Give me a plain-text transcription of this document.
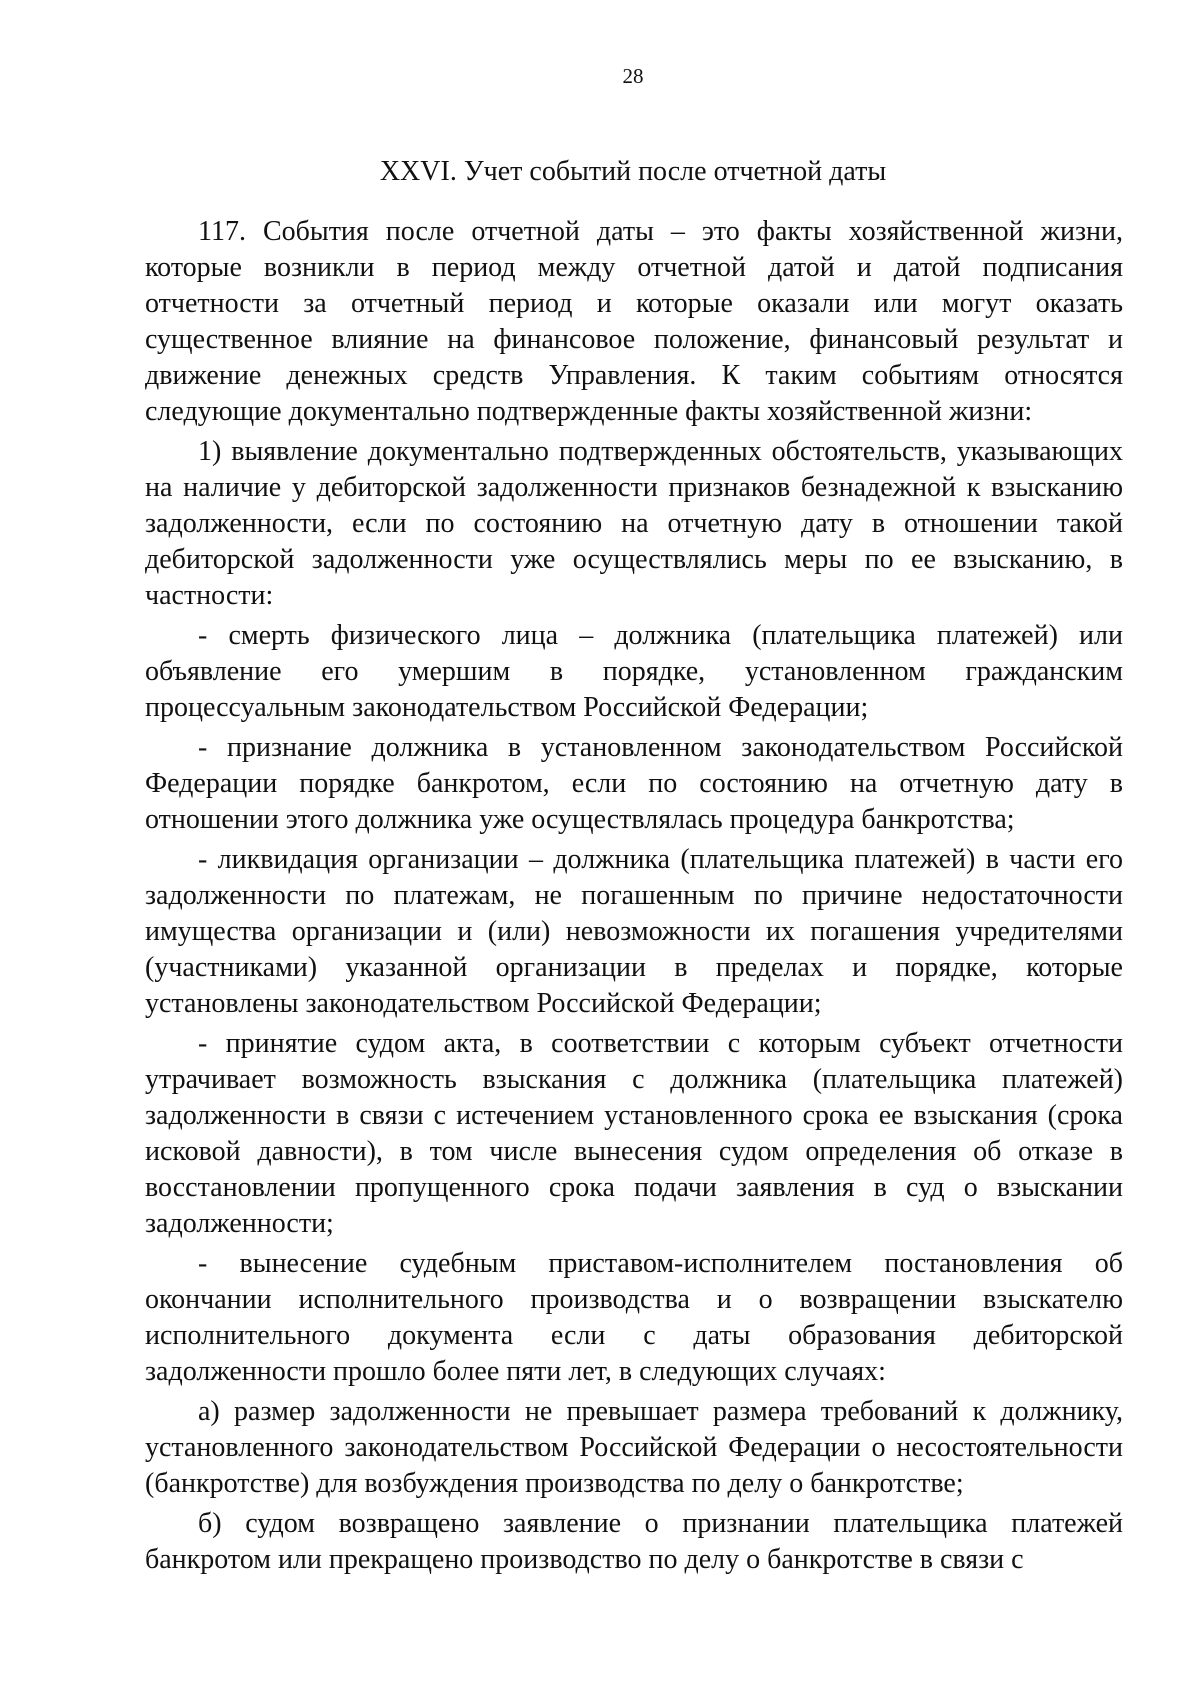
28
XXVI. Учет событий после отчетной даты

117. События после отчетной даты – это факты хозяйственной жизни, которые возникли в период между отчетной датой и датой подписания отчетности за отчетный период и которые оказали или могут оказать существенное влияние на финансовое положение, финансовый результат и движение денежных средств Управления. К таким событиям относятся следующие документально подтвержденные факты хозяйственной жизни:

1) выявление документально подтвержденных обстоятельств, указывающих на наличие у дебиторской задолженности признаков безнадежной к взысканию задолженности, если по состоянию на отчетную дату в отношении такой дебиторской задолженности уже осуществлялись меры по ее взысканию, в частности:

- смерть физического лица – должника (плательщика платежей) или объявление его умершим в порядке, установленном гражданским процессуальным законодательством Российской Федерации;

- признание должника в установленном законодательством Российской Федерации порядке банкротом, если по состоянию на отчетную дату в отношении этого должника уже осуществлялась процедура банкротства;

- ликвидация организации – должника (плательщика платежей) в части его задолженности по платежам, не погашенным по причине недостаточности имущества организации и (или) невозможности их погашения учредителями (участниками) указанной организации в пределах и порядке, которые установлены законодательством Российской Федерации;

- принятие судом акта, в соответствии с которым субъект отчетности утрачивает возможность взыскания с должника (плательщика платежей) задолженности в связи с истечением установленного срока ее взыскания (срока исковой давности), в том числе вынесения судом определения об отказе в восстановлении пропущенного срока подачи заявления в суд о взыскании задолженности;

- вынесение судебным приставом-исполнителем постановления об окончании исполнительного производства и о возвращении взыскателю исполнительного документа если с даты образования дебиторской задолженности прошло более пяти лет, в следующих случаях:

а) размер задолженности не превышает размера требований к должнику, установленного законодательством Российской Федерации о несостоятельности (банкротстве) для возбуждения производства по делу о банкротстве;

б) судом возвращено заявление о признании плательщика платежей банкротом или прекращено производство по делу о банкротстве в связи с
